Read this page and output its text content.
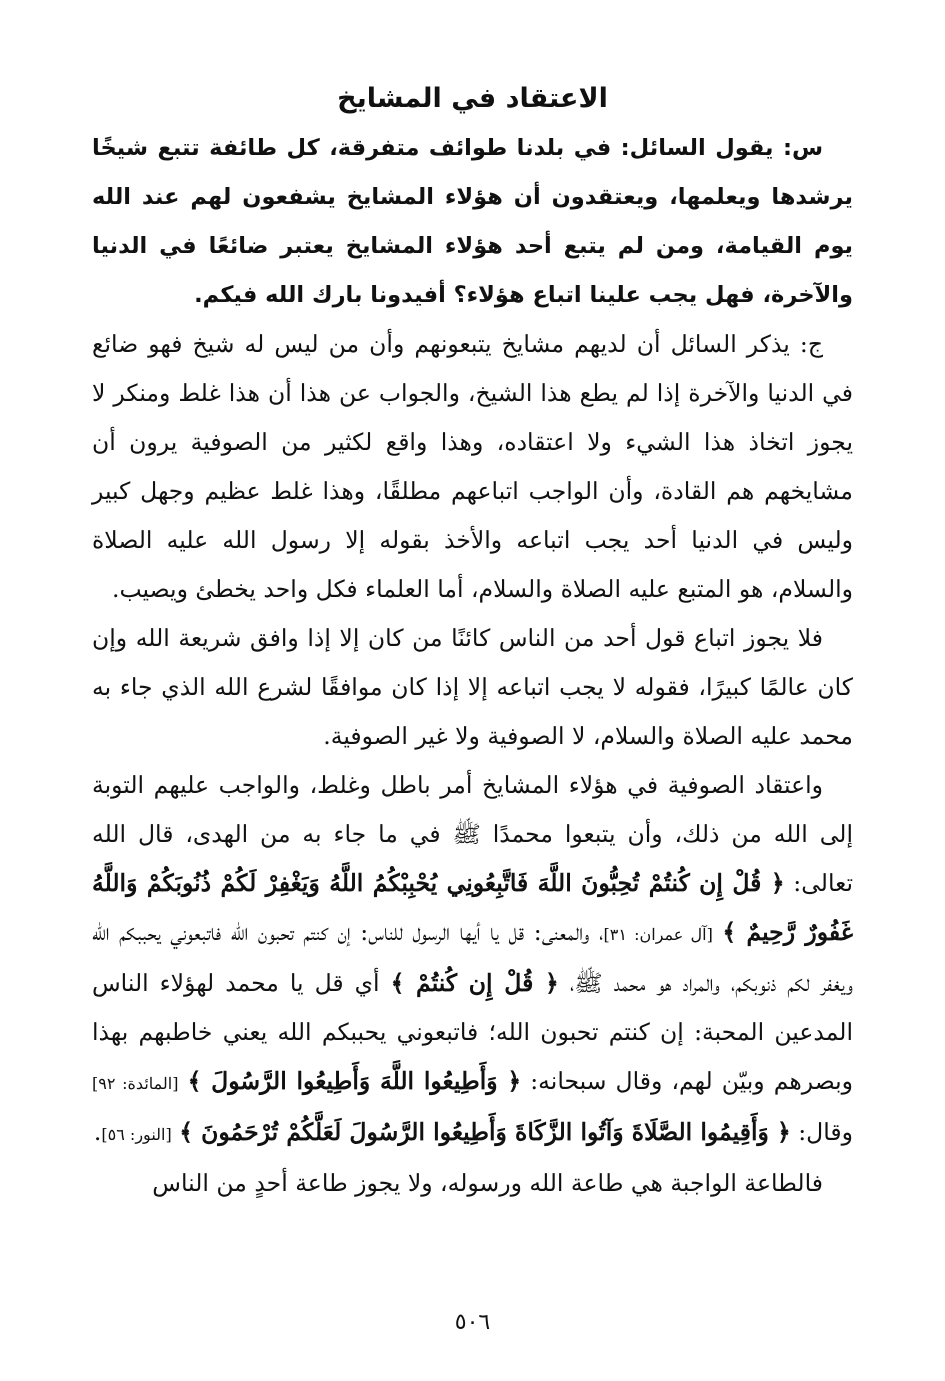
الاعتقاد في المشايخ

س: يقول السائل: في بلدنا طوائف متفرقة، كل طائفة تتبع شيخًا يرشدها ويعلمها، ويعتقدون أن هؤلاء المشايخ يشفعون لهم عند الله يوم القيامة، ومن لم يتبع أحد هؤلاء المشايخ يعتبر ضائعًا في الدنيا والآخرة، فهل يجب علينا اتباع هؤلاء؟ أفيدونا بارك الله فيكم.

ج: يذكر السائل أن لديهم مشايخ يتبعونهم وأن من ليس له شيخ فهو ضائع في الدنيا والآخرة إذا لم يطع هذا الشيخ، والجواب عن هذا أن هذا غلط ومنكر لا يجوز اتخاذ هذا الشيء ولا اعتقاده، وهذا واقع لكثير من الصوفية يرون أن مشايخهم هم القادة، وأن الواجب اتباعهم مطلقًا، وهذا غلط عظيم وجهل كبير وليس في الدنيا أحد يجب اتباعه والأخذ بقوله إلا رسول الله عليه الصلاة والسلام، هو المتبع عليه الصلاة والسلام، أما العلماء فكل واحد يخطئ ويصيب.

فلا يجوز اتباع قول أحد من الناس كائنًا من كان إلا إذا وافق شريعة الله وإن كان عالمًا كبيرًا، فقوله لا يجب اتباعه إلا إذا كان موافقًا لشرع الله الذي جاء به محمد عليه الصلاة والسلام، لا الصوفية ولا غير الصوفية.

واعتقاد الصوفية في هؤلاء المشايخ أمر باطل وغلط، والواجب عليهم التوبة إلى الله من ذلك، وأن يتبعوا محمدًا ﷺ في ما جاء به من الهدى، قال الله تعالى: ﴿ قُلْ إِن كُنتُمْ تُحِبُّونَ اللَّهَ فَاتَّبِعُونِي يُحْبِبْكُمُ اللَّهُ وَيَغْفِرْ لَكُمْ ذُنُوبَكُمْ وَاللَّهُ غَفُورٌ رَّحِيمٌ ﴾ [آل عمران: ٣١]، والمعنى: قل يا أيها الرسول للناس: إن كنتم تحبون الله فاتبعوني يحببكم الله ويغفر لكم ذنوبكم، والمراد هو محمد ﷺ، ﴿ قُلْ إِن كُنتُمْ ﴾ أي قل يا محمد لهؤلاء الناس المدعين المحبة: إن كنتم تحبون الله؛ فاتبعوني يحببكم الله يعني خاطبهم بهذا وبصرهم وبيّن لهم، وقال سبحانه: ﴿ وَأَطِيعُوا اللَّهَ وَأَطِيعُوا الرَّسُولَ ﴾ [المائدة: ٩٢] وقال: ﴿ وَأَقِيمُوا الصَّلَاةَ وَآتُوا الزَّكَاةَ وَأَطِيعُوا الرَّسُولَ لَعَلَّكُمْ تُرْحَمُونَ ﴾ [النور: ٥٦].

فالطاعة الواجبة هي طاعة الله ورسوله، ولا يجوز طاعة أحدٍ من الناس

٥٠٦
